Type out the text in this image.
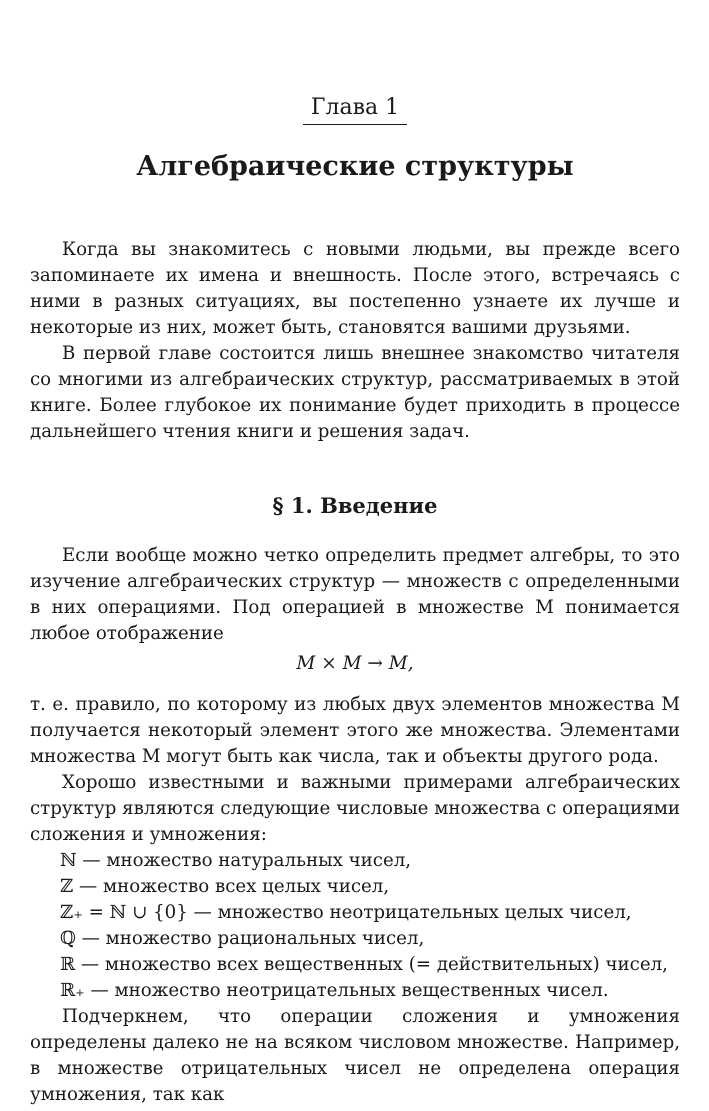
Глава 1
Алгебраические структуры

Когда вы знакомитесь с новыми людьми, вы прежде всего запоминаете их имена и внешность. После этого, встречаясь с ними в разных ситуациях, вы постепенно узнаете их лучше и некоторые из них, может быть, становятся вашими друзьями.

В первой главе состоится лишь внешнее знакомство читателя со многими из алгебраических структур, рассматриваемых в этой книге. Более глубокое их понимание будет приходить в процессе дальнейшего чтения книги и решения задач.

§ 1. Введение

Если вообще можно четко определить предмет алгебры, то это изучение алгебраических структур — множеств с определенными в них операциями. Под операцией в множестве M понимается любое отображение

M × M → M,

т. е. правило, по которому из любых двух элементов множества M получается некоторый элемент этого же множества. Элементами множества M могут быть как числа, так и объекты другого рода.

Хорошо известными и важными примерами алгебраических структур являются следующие числовые множества с операциями сложения и умножения:

ℕ — множество натуральных чисел,
ℤ — множество всех целых чисел,
ℤ₊ = ℕ ∪ {0} — множество неотрицательных целых чисел,
ℚ — множество рациональных чисел,
ℝ — множество всех вещественных (= действительных) чисел,
ℝ₊ — множество неотрицательных вещественных чисел.

Подчеркнем, что операции сложения и умножения определены далеко не на всяком числовом множестве. Например, в множестве отрицательных чисел не определена операция умножения, так как
